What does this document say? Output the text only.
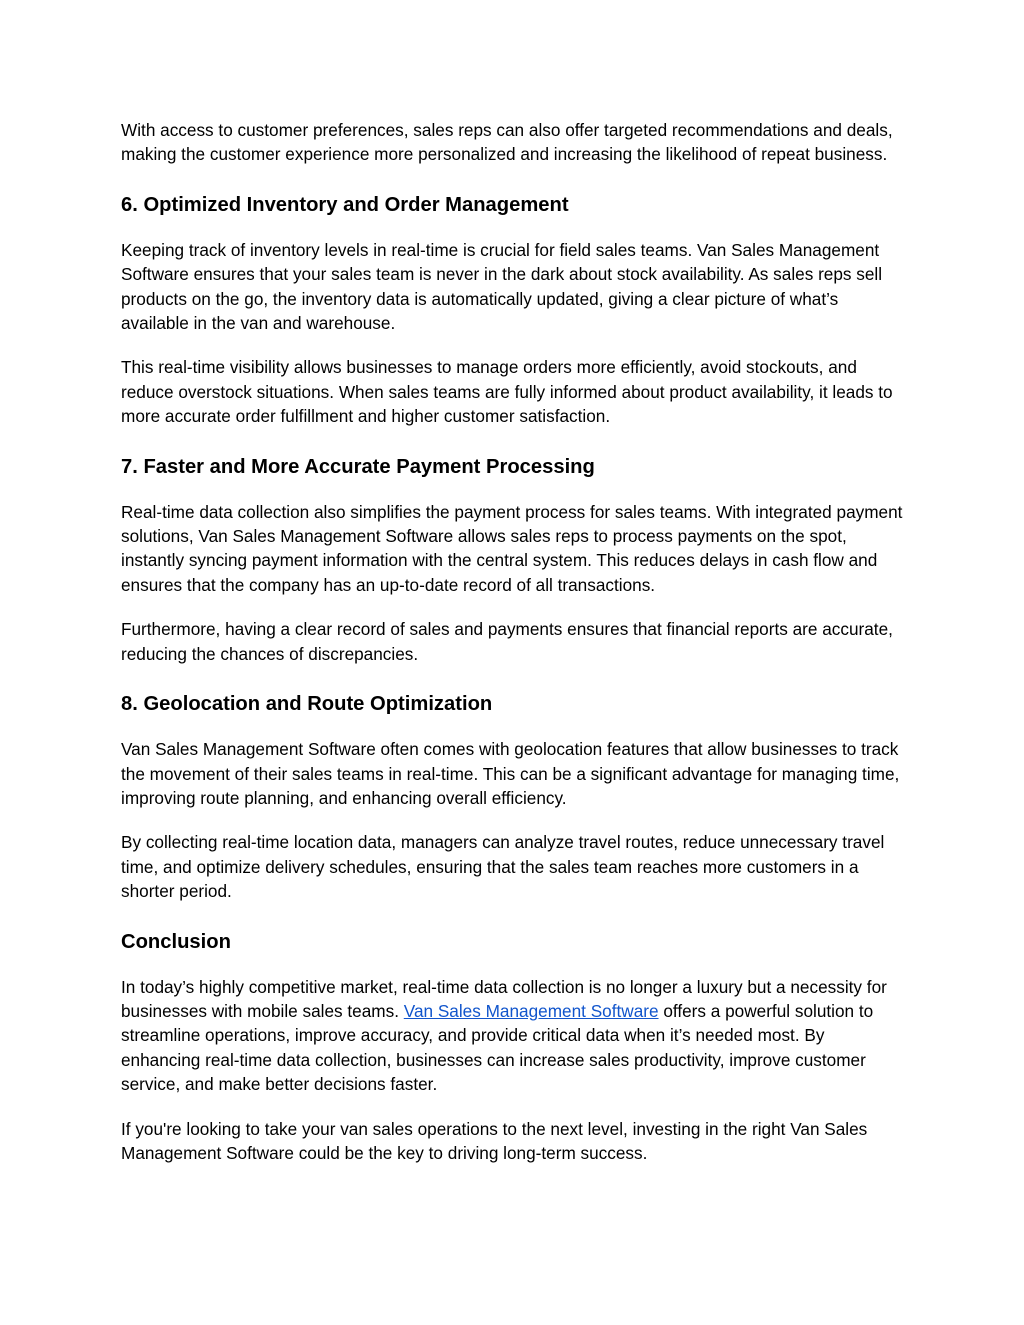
With access to customer preferences, sales reps can also offer targeted recommendations and deals, making the customer experience more personalized and increasing the likelihood of repeat business.

6. Optimized Inventory and Order Management

Keeping track of inventory levels in real-time is crucial for field sales teams. Van Sales Management Software ensures that your sales team is never in the dark about stock availability. As sales reps sell products on the go, the inventory data is automatically updated, giving a clear picture of what’s available in the van and warehouse.

This real-time visibility allows businesses to manage orders more efficiently, avoid stockouts, and reduce overstock situations. When sales teams are fully informed about product availability, it leads to more accurate order fulfillment and higher customer satisfaction.

7. Faster and More Accurate Payment Processing

Real-time data collection also simplifies the payment process for sales teams. With integrated payment solutions, Van Sales Management Software allows sales reps to process payments on the spot, instantly syncing payment information with the central system. This reduces delays in cash flow and ensures that the company has an up-to-date record of all transactions.

Furthermore, having a clear record of sales and payments ensures that financial reports are accurate, reducing the chances of discrepancies.

8. Geolocation and Route Optimization

Van Sales Management Software often comes with geolocation features that allow businesses to track the movement of their sales teams in real-time. This can be a significant advantage for managing time, improving route planning, and enhancing overall efficiency.

By collecting real-time location data, managers can analyze travel routes, reduce unnecessary travel time, and optimize delivery schedules, ensuring that the sales team reaches more customers in a shorter period.

Conclusion

In today’s highly competitive market, real-time data collection is no longer a luxury but a necessity for businesses with mobile sales teams. Van Sales Management Software offers a powerful solution to streamline operations, improve accuracy, and provide critical data when it’s needed most. By enhancing real-time data collection, businesses can increase sales productivity, improve customer service, and make better decisions faster.

If you're looking to take your van sales operations to the next level, investing in the right Van Sales Management Software could be the key to driving long-term success.
